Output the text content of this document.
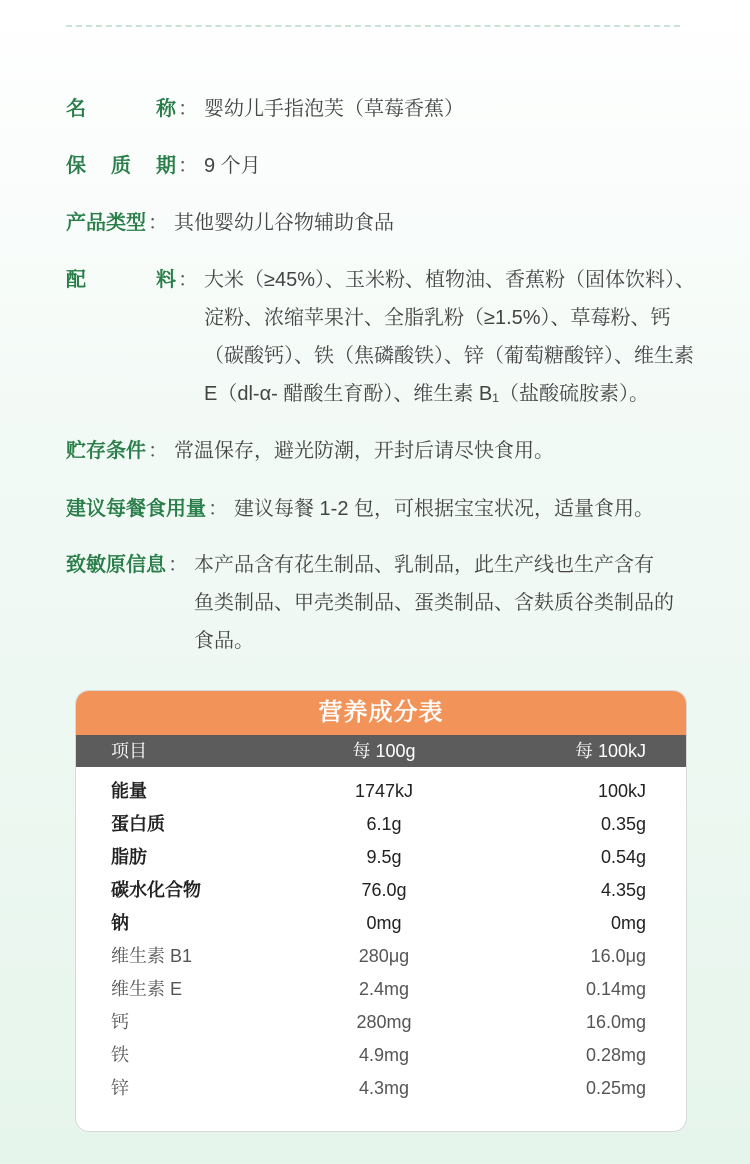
名	称 ： 婴幼儿手指泡芙（草莓香蕉）
保 质 期 ： 9 个月
产品类型 ： 其他婴幼儿谷物辅助食品
配	料 ： 大米（≥45%）、玉米粉、植物油、香蕉粉（固体饮料）、
淀粉、浓缩苹果汁、全脂乳粉（≥1.5%）、草莓粉、钙
（碳酸钙）、铁（焦磷酸铁）、锌（葡萄糖酸锌）、维生素
E（dl-α- 醋酸生育酚）、维生素 B₁（盐酸硫胺素）。
贮存条件 ： 常温保存，避光防潮，开封后请尽快食用。
建议每餐食用量 ： 建议每餐 1-2 包，可根据宝宝状况，适量食用。
致敏原信息 ： 本产品含有花生制品、乳制品，此生产线也生产含有
鱼类制品、甲壳类制品、蛋类制品、含麸质谷类制品的
食品。
营养成分表
项目	每 100g	每 100kJ
能量	1747kJ	100kJ
蛋白质	6.1g	0.35g
脂肪	9.5g	0.54g
碳水化合物	76.0g	4.35g
钠	0mg	0mg
维生素 B1	280μg	16.0μg
维生素 E	2.4mg	0.14mg
钙	280mg	16.0mg
铁	4.9mg	0.28mg
锌	4.3mg	0.25mg
